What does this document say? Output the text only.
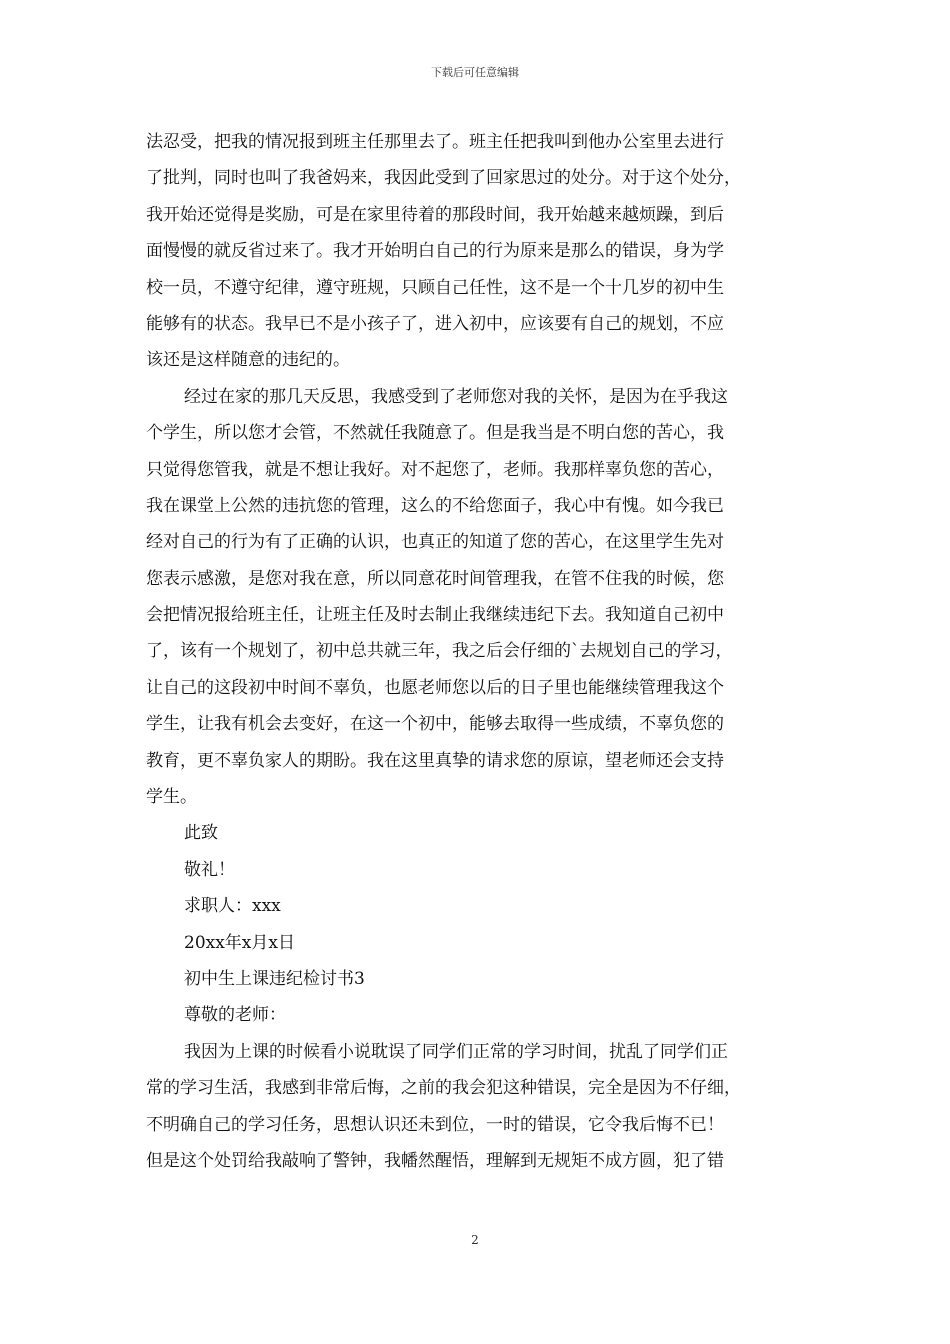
下载后可任意编辑
法忍受，把我的情况报到班主任那里去了。班主任把我叫到他办公室里去进行
了批判，同时也叫了我爸妈来，我因此受到了回家思过的处分。对于这个处分，
我开始还觉得是奖励，可是在家里待着的那段时间，我开始越来越烦躁，到后
面慢慢的就反省过来了。我才开始明白自己的行为原来是那么的错误，身为学
校一员，不遵守纪律，遵守班规，只顾自己任性，这不是一个十几岁的初中生
能够有的状态。我早已不是小孩子了，进入初中，应该要有自己的规划，不应
该还是这样随意的违纪的。
经过在家的那几天反思，我感受到了老师您对我的关怀，是因为在乎我这
个学生，所以您才会管，不然就任我随意了。但是我当是不明白您的苦心，我
只觉得您管我，就是不想让我好。对不起您了，老师。我那样辜负您的苦心，
我在课堂上公然的违抗您的管理，这么的不给您面子，我心中有愧。如今我已
经对自己的行为有了正确的认识，也真正的知道了您的苦心，在这里学生先对
您表示感激，是您对我在意，所以同意花时间管理我，在管不住我的时候，您
会把情况报给班主任，让班主任及时去制止我继续违纪下去。我知道自己初中
了，该有一个规划了，初中总共就三年，我之后会仔细的`去规划自己的学习，
让自己的这段初中时间不辜负，也愿老师您以后的日子里也能继续管理我这个
学生，让我有机会去变好，在这一个初中，能够去取得一些成绩，不辜负您的
教育，更不辜负家人的期盼。我在这里真挚的请求您的原谅，望老师还会支持
学生。
此致
敬礼！
求职人：xxx
20xx年x月x日
初中生上课违纪检讨书3
尊敬的老师：
我因为上课的时候看小说耽误了同学们正常的学习时间，扰乱了同学们正
常的学习生活，我感到非常后悔，之前的我会犯这种错误，完全是因为不仔细，
不明确自己的学习任务，思想认识还未到位，一时的错误，它令我后悔不已！
但是这个处罚给我敲响了警钟，我幡然醒悟，理解到无规矩不成方圆，犯了错
2
